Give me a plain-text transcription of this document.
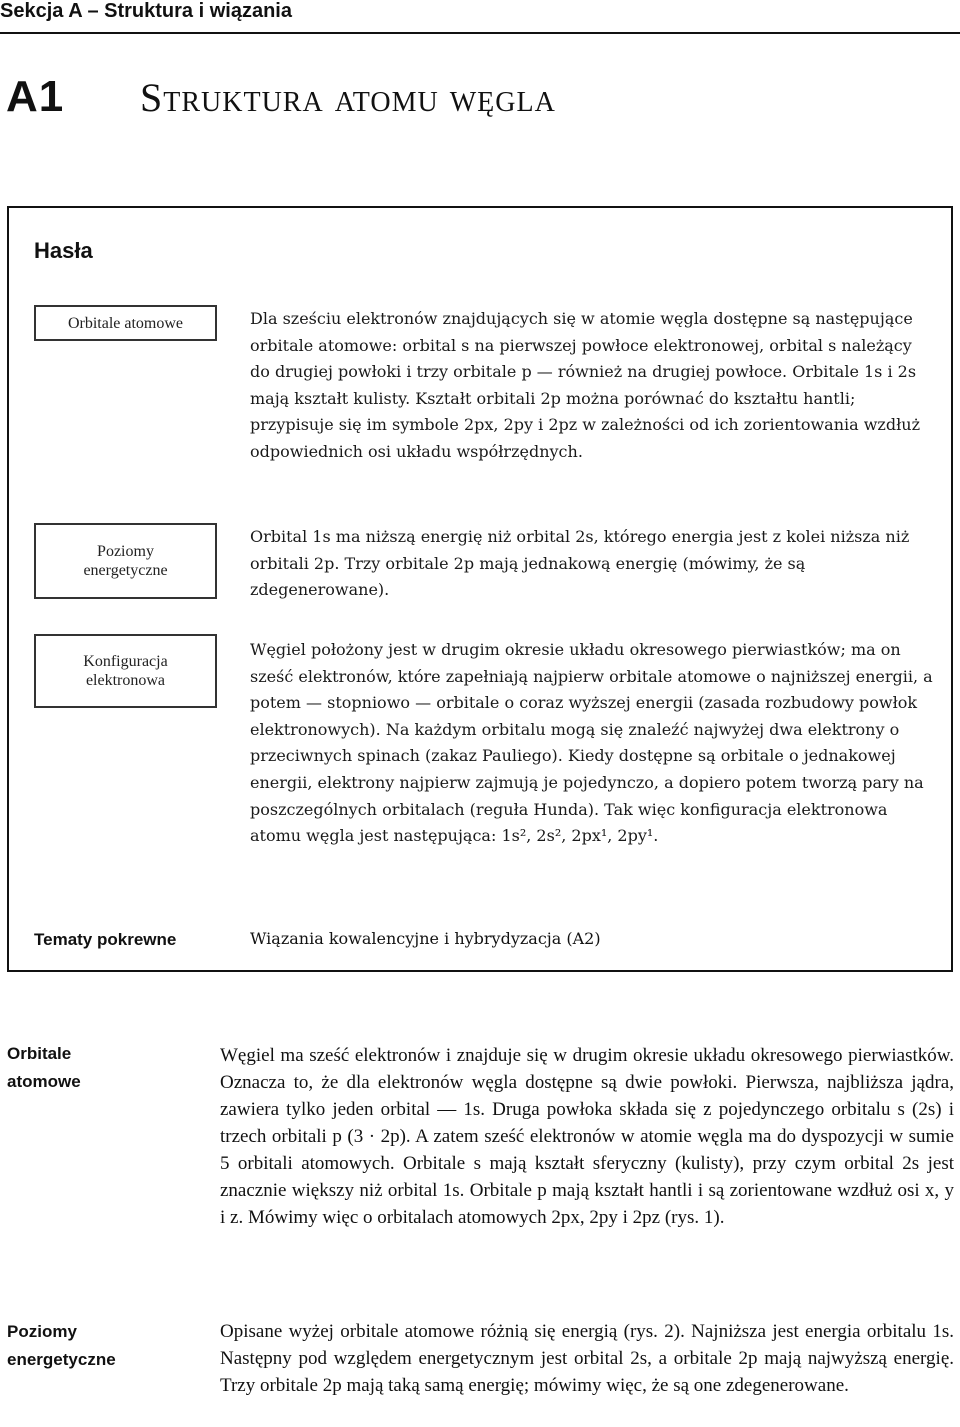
Sekcja A – Struktura i wiązania
A1 Struktura atomu węgla
Hasła
Orbitale atomowe	Dla sześciu elektronów znajdujących się w atomie węgla dostępne są następujące orbitale atomowe: orbital s na pierwszej powłoce elektronowej, orbital s należący do drugiej powłoki i trzy orbitale p — również na drugiej powłoce. Orbitale 1s i 2s mają kształt kulisty. Kształt orbitali 2p można porównać do kształtu hantli; przypisuje się im symbole 2px, 2py i 2pz w zależności od ich zorientowania wzdłuż odpowiednich osi układu współrzędnych.
Poziomy
energetyczne
Orbital 1s ma niższą energię niż orbital 2s, którego energia jest z kolei niższa niż orbitali 2p. Trzy orbitale 2p mają jednakową energię (mówimy, że są zdegenerowane).
Konfiguracja
elektronowa
Węgiel położony jest w drugim okresie układu okresowego pierwiastków; ma on sześć elektronów, które zapełniają najpierw orbitale atomowe o najniższej energii, a potem — stopniowo — orbitale o coraz wyższej energii (zasada rozbudowy powłok elektronowych). Na każdym orbitalu mogą się znaleźć najwyżej dwa elektrony o przeciwnych spinach (zakaz Pauliego). Kiedy dostępne są orbitale o jednakowej energii, elektrony najpierw zajmują je pojedynczo, a dopiero potem tworzą pary na poszczególnych orbitalach (reguła Hunda). Tak więc konfiguracja elektronowa atomu węgla jest następująca: 1s², 2s², 2px¹, 2py¹.
Tematy pokrewne	Wiązania kowalencyjne i hybrydyzacja (A2)
Orbitale
atomowe
Węgiel ma sześć elektronów i znajduje się w drugim okresie układu okresowego pierwiastków. Oznacza to, że dla elektronów węgla dostępne są dwie powłoki. Pierwsza, najbliższa jądra, zawiera tylko jeden orbital — 1s. Druga powłoka składa się z pojedynczego orbitalu s (2s) i trzech orbitali p (3 · 2p). A zatem sześć elektronów w atomie węgla ma do dyspozycji w sumie 5 orbitali atomowych. Orbitale s mają kształt sferyczny (kulisty), przy czym orbital 2s jest znacznie większy niż orbital 1s. Orbitale p mają kształt hantli i są zorientowane wzdłuż osi x, y i z. Mówimy więc o orbitalach atomowych 2px, 2py i 2pz (rys. 1).
Poziomy
energetyczne
Opisane wyżej orbitale atomowe różnią się energią (rys. 2). Najniższa jest energia orbitalu 1s. Następny pod względem energetycznym jest orbital 2s, a orbitale 2p mają najwyższą energię. Trzy orbitale 2p mają taką samą energię; mówimy więc, że są one zdegenerowane.
